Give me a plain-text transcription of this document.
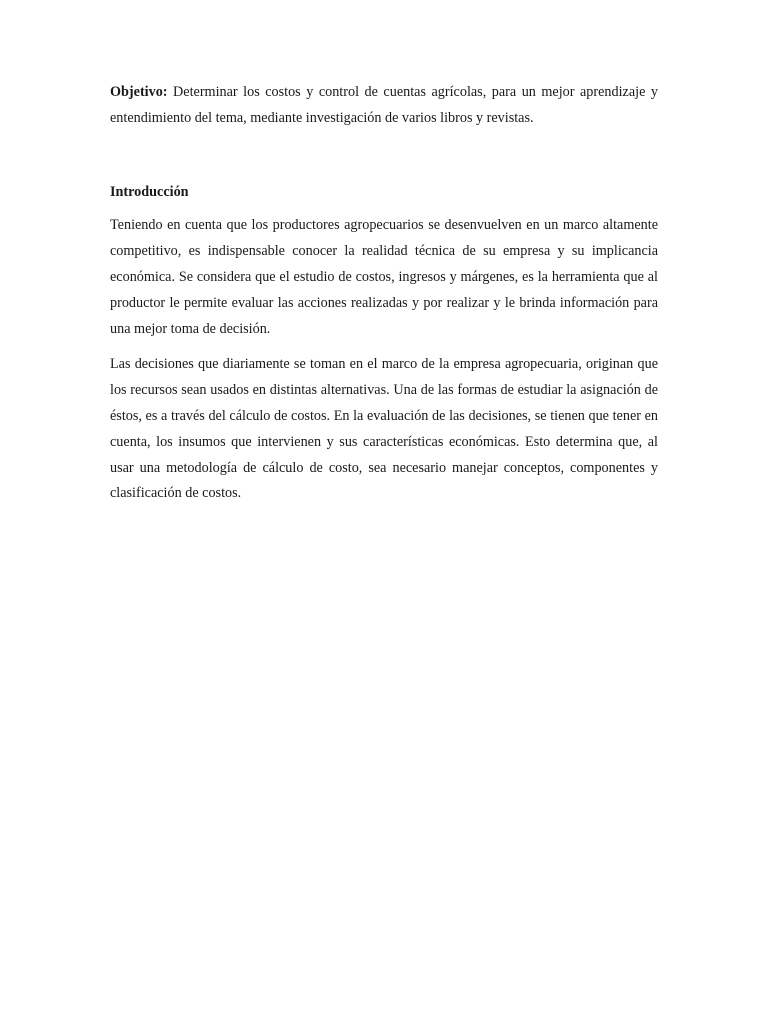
Objetivo: Determinar los costos y control de cuentas agrícolas, para un mejor aprendizaje y entendimiento del tema, mediante investigación de varios libros y revistas.

Introducción

Teniendo en cuenta que los productores agropecuarios se desenvuelven en un marco altamente competitivo, es indispensable conocer la realidad técnica de su empresa y su implicancia económica. Se considera que el estudio de costos, ingresos y márgenes, es la herramienta que al productor le permite evaluar las acciones realizadas y por realizar y le brinda información para una mejor toma de decisión.

Las decisiones que diariamente se toman en el marco de la empresa agropecuaria, originan que los recursos sean usados en distintas alternativas. Una de las formas de estudiar la asignación de éstos, es a través del cálculo de costos. En la evaluación de las decisiones, se tienen que tener en cuenta, los insumos que intervienen y sus características económicas. Esto determina que, al usar una metodología de cálculo de costo, sea necesario manejar conceptos, componentes y clasificación de costos.
